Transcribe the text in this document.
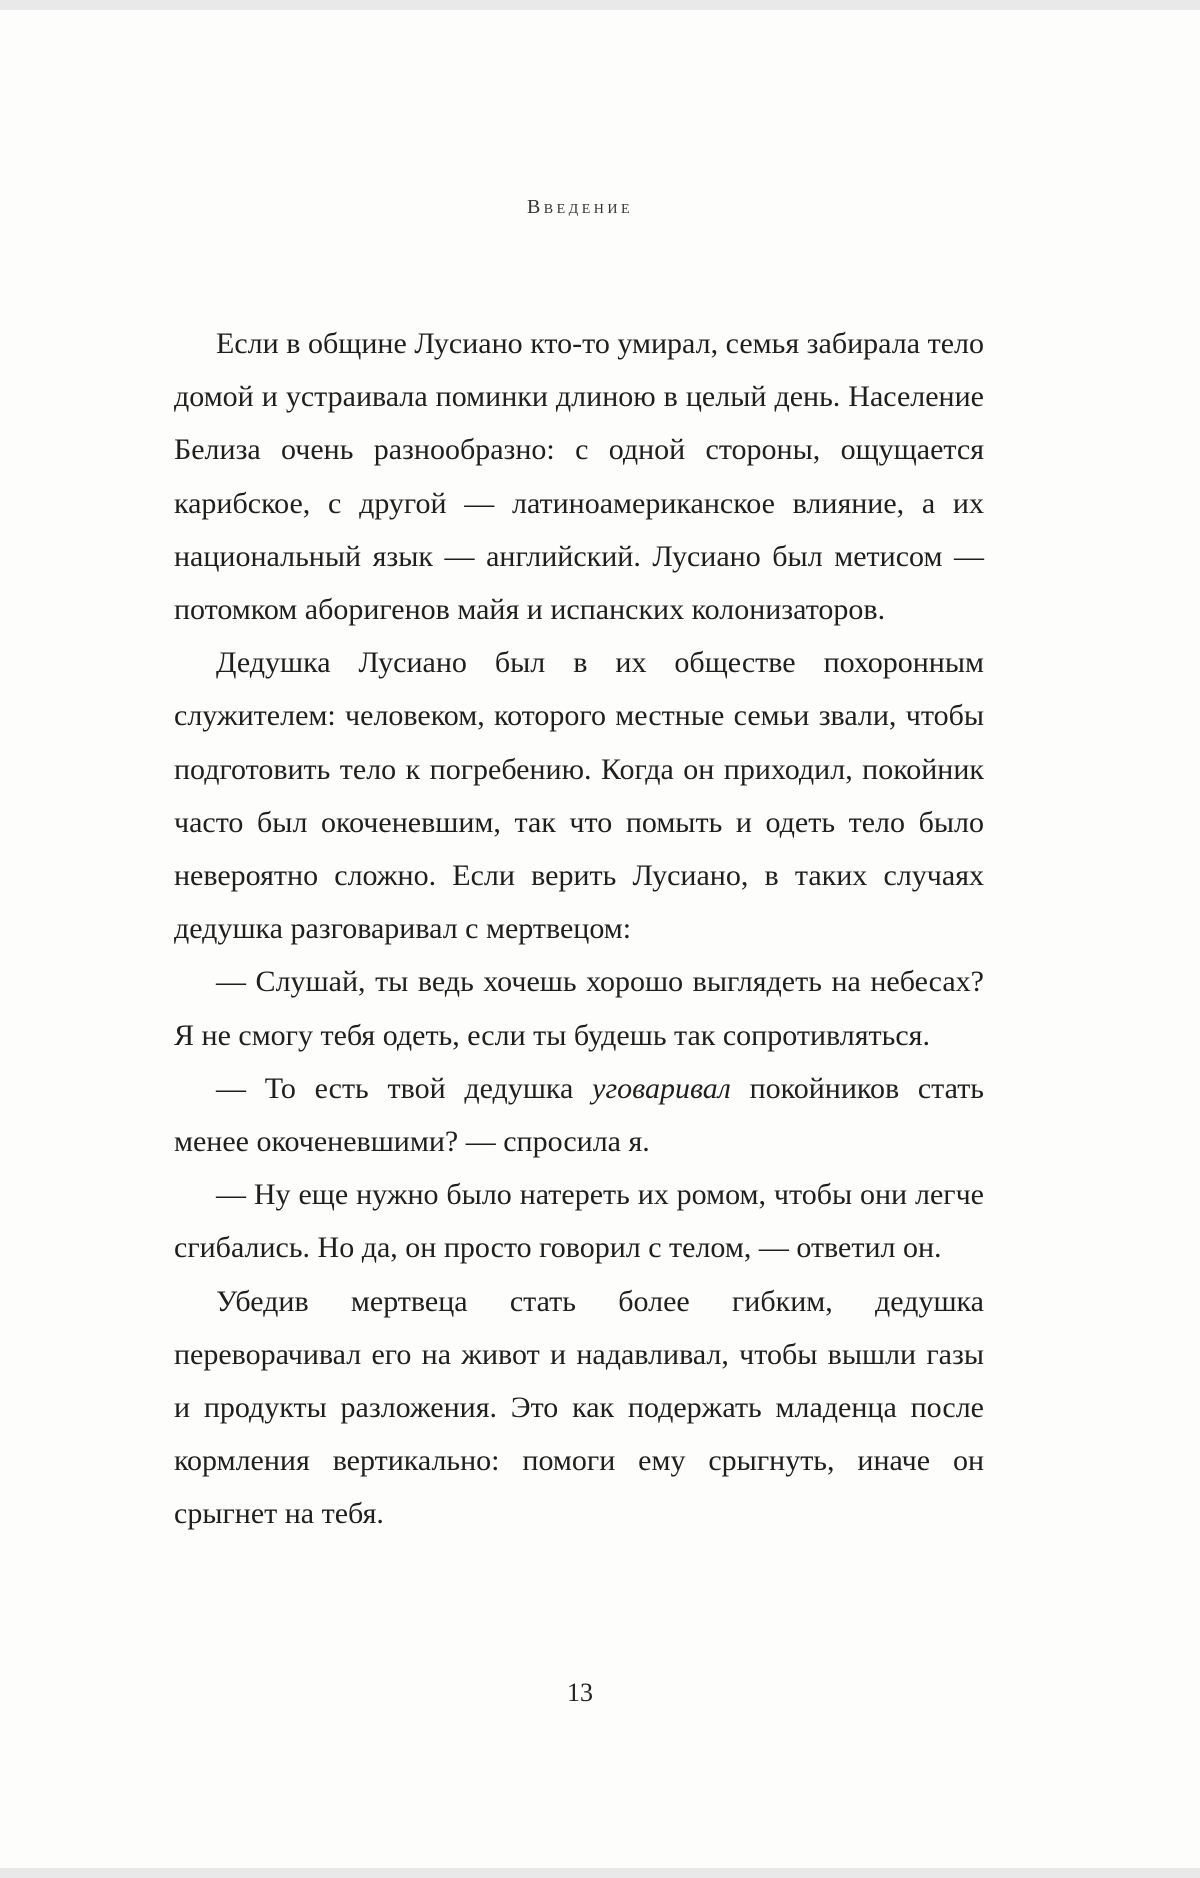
Введение

Если в общине Лусиано кто-то умирал, семья забирала тело домой и устраивала поминки длиною в целый день. Население Белиза очень разнообразно: с одной стороны, ощущается карибское, с другой — латиноамериканское влияние, а их национальный язык — английский. Лусиано был метисом — потомком аборигенов майя и испанских колонизаторов.

Дедушка Лусиано был в их обществе похоронным служителем: человеком, которого местные семьи звали, чтобы подготовить тело к погребению. Когда он приходил, покойник часто был окоченевшим, так что помыть и одеть тело было невероятно сложно. Если верить Лусиано, в таких случаях дедушка разговаривал с мертвецом:

— Слушай, ты ведь хочешь хорошо выглядеть на небесах? Я не смогу тебя одеть, если ты будешь так сопротивляться.

— То есть твой дедушка уговаривал покойников стать менее окоченевшими? — спросила я.

— Ну еще нужно было натереть их ромом, чтобы они легче сгибались. Но да, он просто говорил с телом, — ответил он.

Убедив мертвеца стать более гибким, дедушка переворачивал его на живот и надавливал, чтобы вышли газы и продукты разложения. Это как подержать младенца после кормления вертикально: помоги ему срыгнуть, иначе он срыгнет на тебя.

13
